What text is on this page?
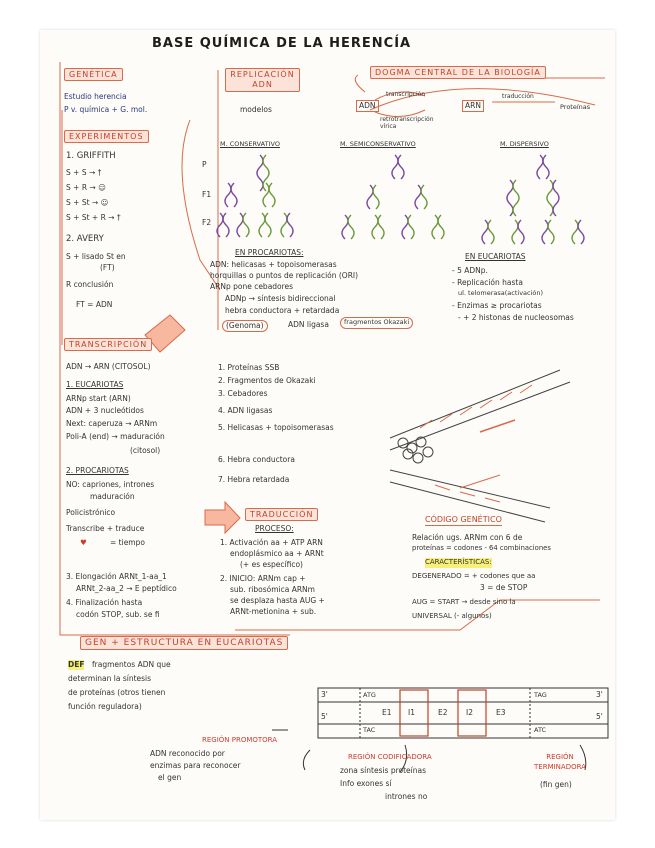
BASE QUÍMICA DE LA HERENCÍA
GENÉTICA
Estudio herencia
P v. química + G. mol.
EXPERIMENTOS
1. GRIFFITH
S + S → †
S + R → ☺
S + St → ☺
S + St + R → †
2. AVERY
S + lisado St en
(FT)
R conclusión
FT = ADN
REPLICACIÓN ADN
modelos
DOGMA CENTRAL DE LA BIOLOGÍA
ADN	ARN
transcripción
retrotranscripción vírica
traducción
Proteínas
M. CONSERVATIVO	M. SEMICONSERVATIVO	M. DISPERSIVO
P
F1
F2
EN PROCARIOTAS:
ADN: helicasas + topoisomerasas
horquillas o puntos de replicación (ORI)
ARNp pone cebadores
ADNp → síntesis bidireccional
hebra conductora + retardada
(Genoma)	ADN ligasa	fragmentos Okazaki
EN EUCARIOTAS
- 5 ADNp.
- Replicación hasta
ul. telomerasa(activación)
- Enzimas ≥ procariotas
- + 2 histonas de nucleosomas
1. Proteínas SSB
2. Fragmentos de Okazaki
3. Cebadores
4. ADN ligasas
5. Helicasas + topoisomerasas
6. Hebra conductora
7. Hebra retardada
TRANSCRIPCIÓN
ADN → ARN (CITOSOL)
1. EUCARIOTAS
ARNp start (ARN)
ADN + 3 nucleótidos
Next: caperuza → ARNm
Poli-A (end) → maduración
(citosol)
2. PROCARIOTAS
NO: capriones, intrones
maduración
Policistrónico
Transcribe + traduce
♥	= tiempo
TRADUCCIÓN
PROCESO:
1. Activación aa + ATP ARN
endoplásmico aa + ARNt
(+ es específico)
2. INICIO: ARNm cap +
sub. ribosómica ARNm
se desplaza hasta AUG +
ARNt-metionina + sub.
3. Elongación ARNt_1-aa_1
ARNt_2-aa_2 → E peptídico
4. Finalización hasta
codón STOP, sub. se fi
CÓDIGO GENÉTICO
Relación ugs. ARNm con 6 de
proteínas = codones - 64 combinaciones
CARACTERÍSTICAS:
DEGENERADO = + codones que aa
3 = de STOP
AUG = START → desde sino la
UNIVERSAL (- algunos)
GEN + ESTRUCTURA EN EUCARIOTAS
DEF fragmentos ADN que
determinan la síntesis
de proteínas (otros tienen
función reguladora)
3'
5'
ATG
TAC
E1 I1	E2 I2	E3
TAG
ATC
3'
5'
REGIÓN PROMOTORA
ADN reconocido por
enzimas para reconocer
el gen
REGIÓN CODIFICADORA
zona síntesis proteínas
Info exones sí
intrones no
REGIÓN TERMINADORA
(fin gen)
